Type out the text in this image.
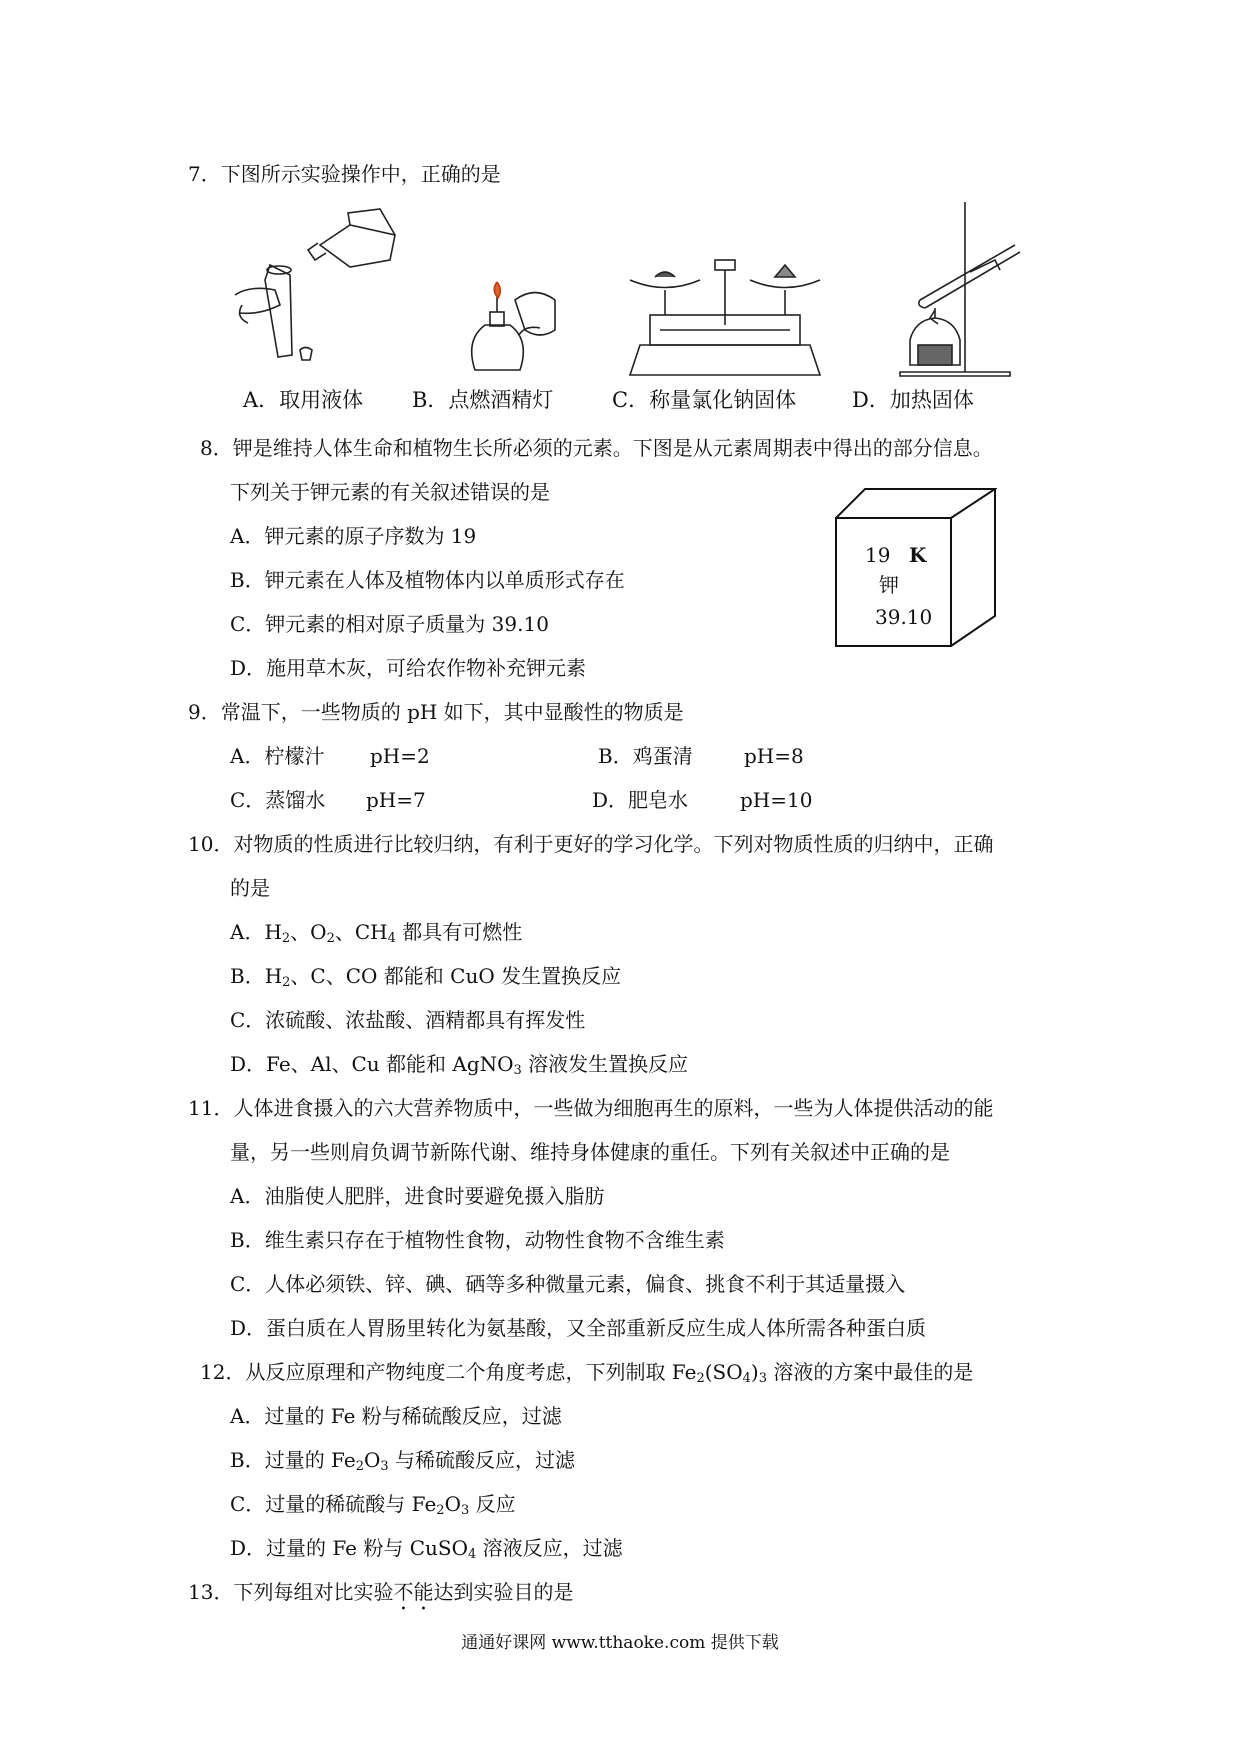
7．下图所示实验操作中，正确的是
A．取用液体 B．点燃酒精灯	C．称量氯化钠固体	D．加热固体
8．钾是维持人体生命和植物生长所必须的元素。下图是从元素周期表中得出的部分信息。
下列关于钾元素的有关叙述错误的是
A．钾元素的原子序数为 19
B．钾元素在人体及植物体内以单质形式存在
C．钾元素的相对原子质量为 39.10
D．施用草木灰，可给农作物补充钾元素
19 K
钾
39.10
9．常温下，一些物质的 pH 如下，其中显酸性的物质是
A．柠檬汁 pH=2	B．鸡蛋清	pH=8
C．蒸馏水 pH=7	D．肥皂水	pH=10
10．对物质的性质进行比较归纳，有利于更好的学习化学。下列对物质性质的归纳中，正确
的是
A．$H_2$、$O_2$、$CH_4$ 都具有可燃性
B．$H_2$、C、CO 都能和 CuO 发生置换反应
C．浓硫酸、浓盐酸、酒精都具有挥发性
D．Fe、Al、Cu 都能和 AgNO$_3$ 溶液发生置换反应
11．人体进食摄入的六大营养物质中，一些做为细胞再生的原料，一些为人体提供活动的能
量，另一些则肩负调节新陈代谢、维持身体健康的重任。下列有关叙述中正确的是
A．油脂使人肥胖，进食时要避免摄入脂肪
B．维生素只存在于植物性食物，动物性食物不含维生素
C．人体必须铁、锌、碘、硒等多种微量元素，偏食、挑食不利于其适量摄入
D．蛋白质在人胃肠里转化为氨基酸，又全部重新反应生成人体所需各种蛋白质
12．从反应原理和产物纯度二个角度考虑，下列制取 $Fe_2(SO_4)_3$ 溶液的方案中最佳的是
A．过量的 Fe 粉与稀硫酸反应，过滤
B．过量的 $Fe_2O_3$ 与稀硫酸反应，过滤
C．过量的稀硫酸与 $Fe_2O_3$ 反应
D．过量的 Fe 粉与 CuSO$_4$ 溶液反应，过滤
13．下列每组对比实验不能达到实验目的是
通通好课网 www.tthaoke.com 提供下载
